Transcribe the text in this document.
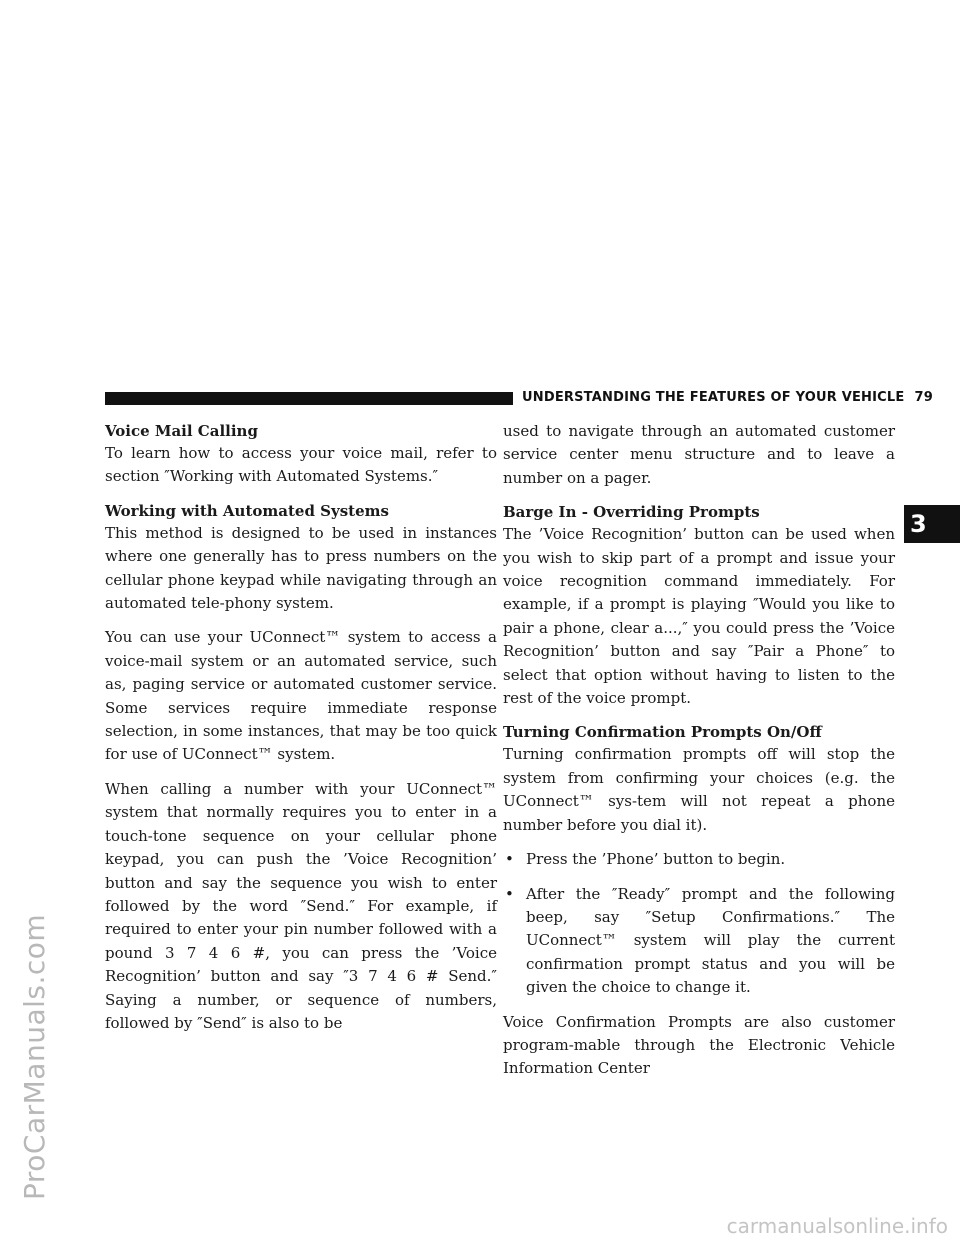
UNDERSTANDING THE FEATURES OF YOUR VEHICLE 79
Voice Mail Calling

To learn how to access your voice mail, refer to section ″Working with Automated Systems.″

Working with Automated Systems

This method is designed to be used in instances where one generally has to press numbers on the cellular phone keypad while navigating through an automated tele-phony system.

You can use your UConnect™ system to access a voice-mail system or an automated service, such as, paging service or automated customer service. Some services require immediate response selection, in some instances, that may be too quick for use of UConnect™ system.

When calling a number with your UConnect™ system that normally requires you to enter in a touch-tone sequence on your cellular phone keypad, you can push the ’Voice Recognition’ button and say the sequence you wish to enter followed by the word ″Send.″ For example, if required to enter your pin number followed with a pound 3 7 4 6 #, you can press the ’Voice Recognition’ button and say ″3 7 4 6 # Send.″ Saying a number, or sequence of numbers, followed by ″Send″ is also to be

used to navigate through an automated customer service center menu structure and to leave a number on a pager.

Barge In - Overriding Prompts

The ’Voice Recognition’ button can be used when you wish to skip part of a prompt and issue your voice recognition command immediately. For example, if a prompt is playing ″Would you like to pair a phone, clear a...,″ you could press the ’Voice Recognition’ button and say ″Pair a Phone″ to select that option without having to listen to the rest of the voice prompt.

Turning Confirmation Prompts On/Off

Turning confirmation prompts off will stop the system from confirming your choices (e.g. the UConnect™ sys-tem will not repeat a phone number before you dial it).

• Press the ’Phone’ button to begin.
• After the ″Ready″ prompt and the following beep, say ″Setup Confirmations.″ The UConnect™ system will play the current confirmation prompt status and you will be given the choice to change it.

Voice Confirmation Prompts are also customer program-mable through the Electronic Vehicle Information Center

3
ProCarManuals.com
carmanualsonline.info
